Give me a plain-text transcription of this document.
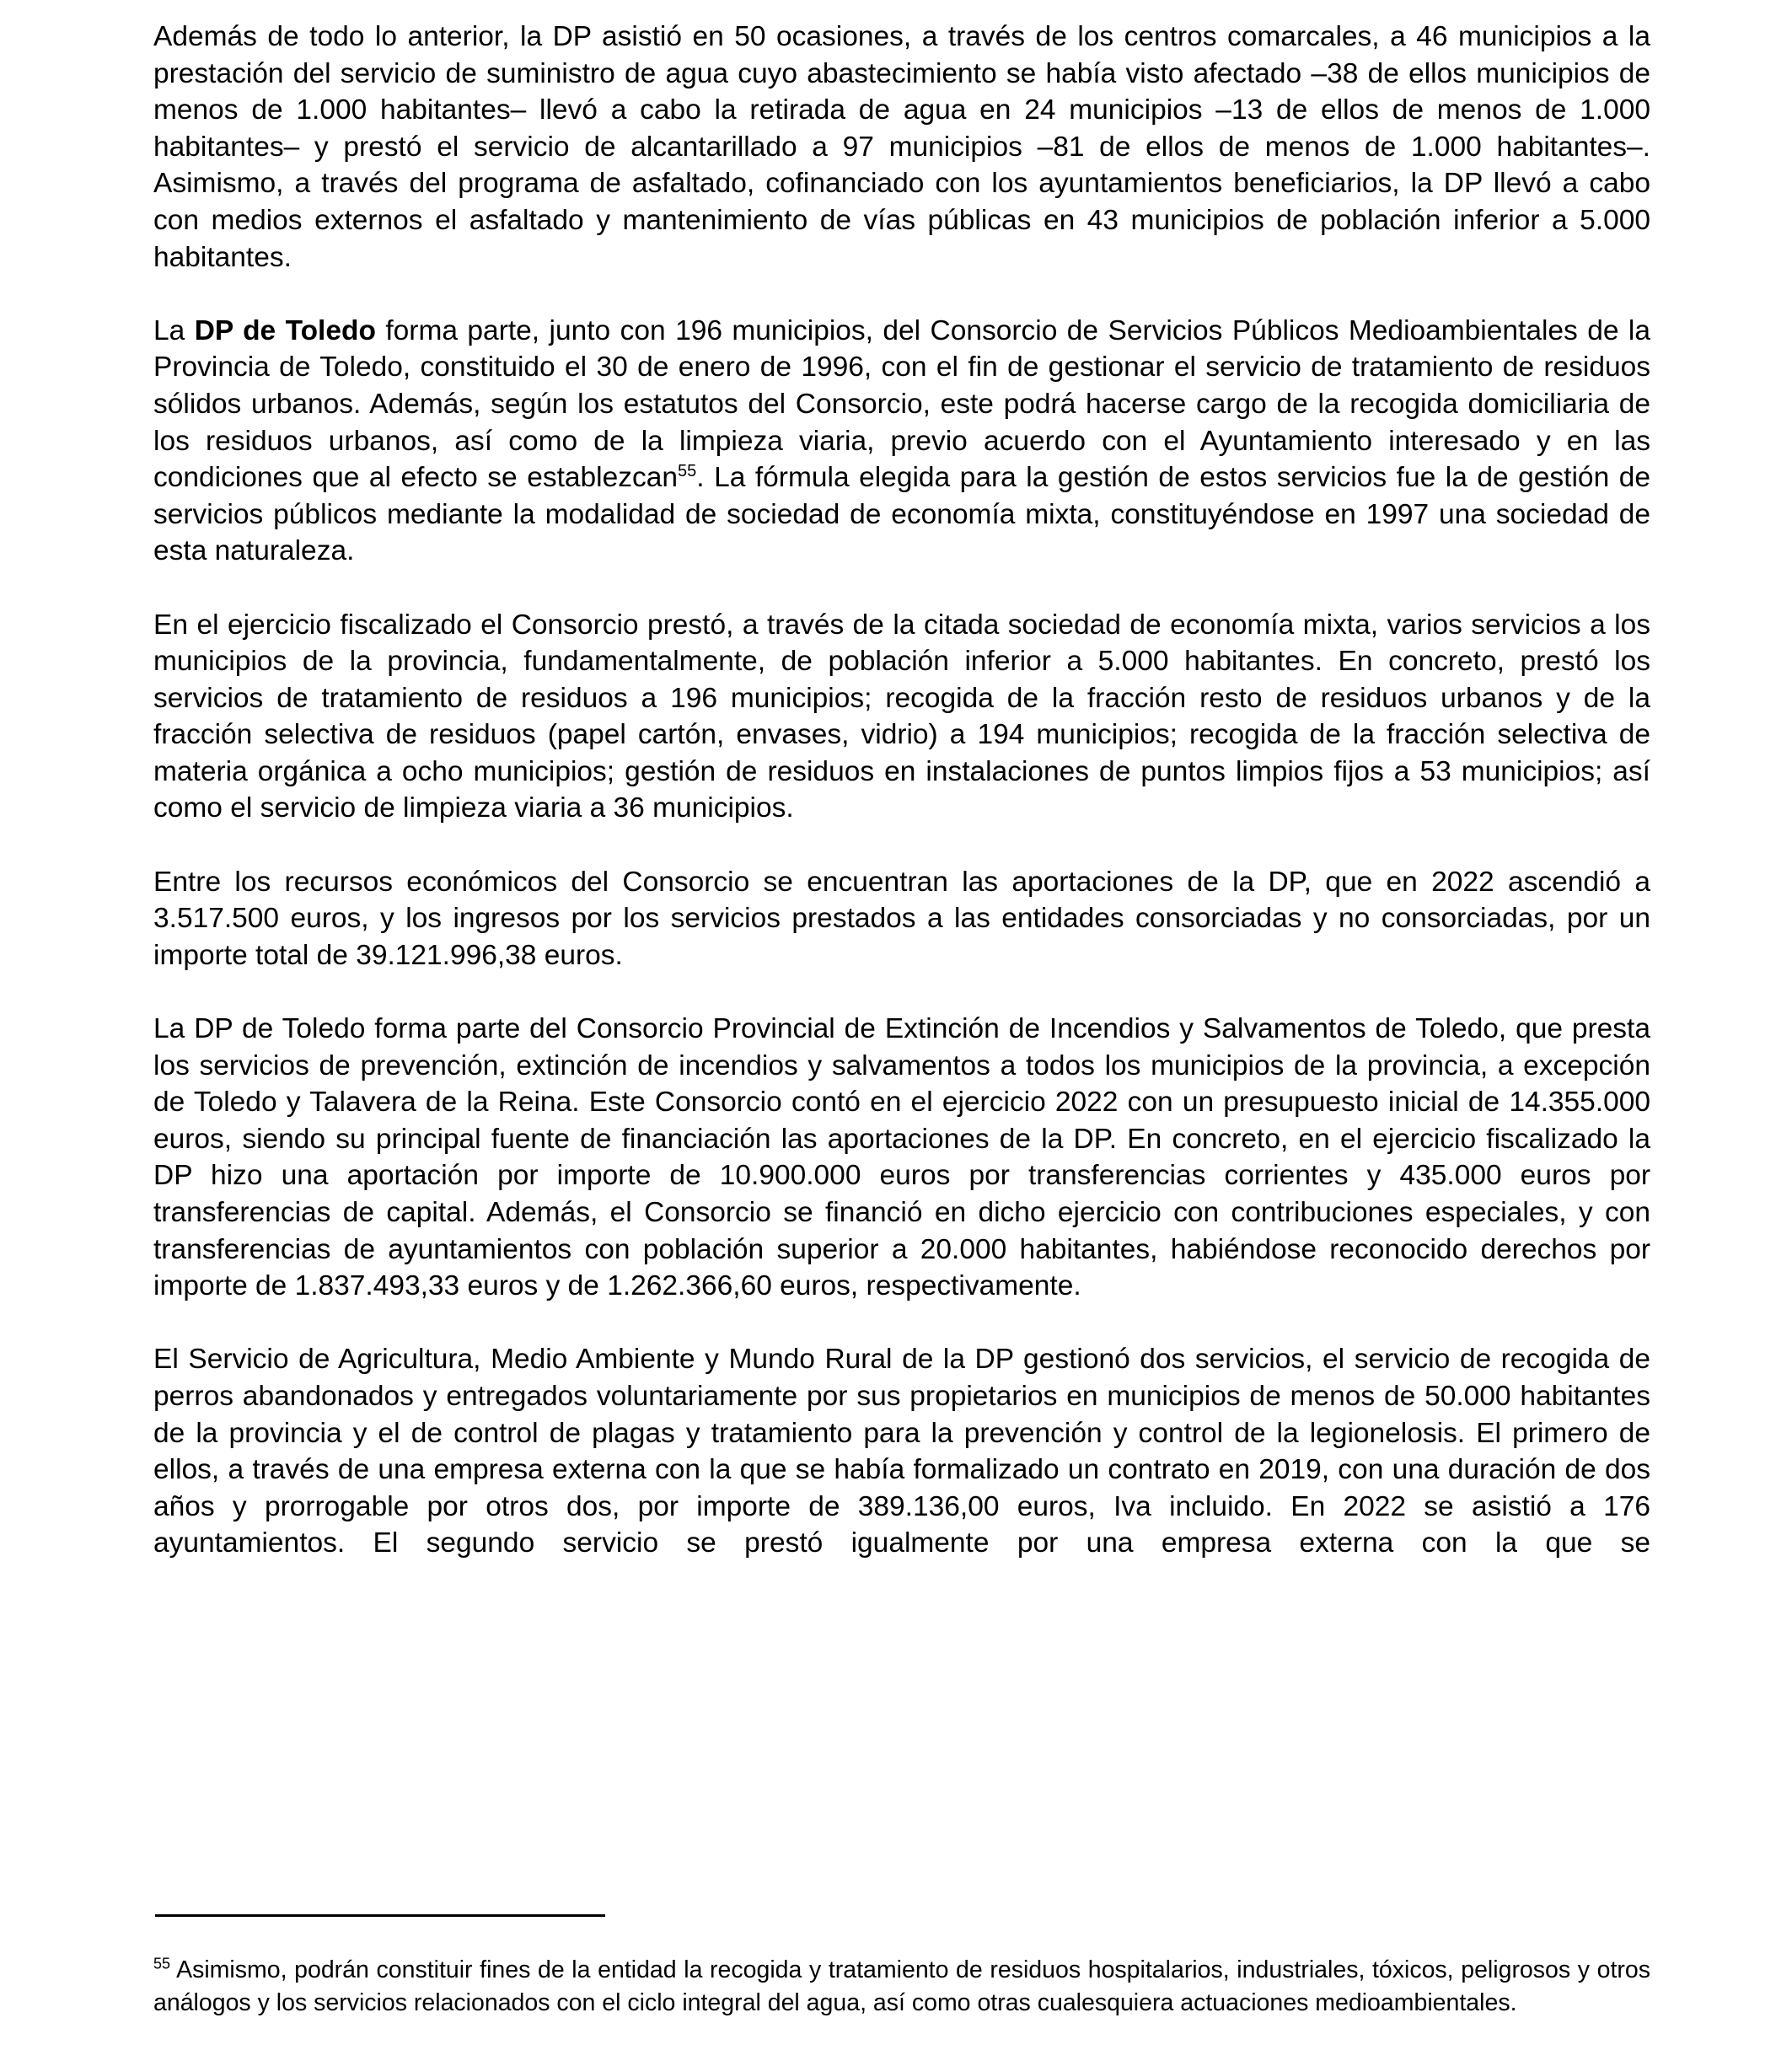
Además de todo lo anterior, la DP asistió en 50 ocasiones, a través de los centros comarcales, a 46 municipios a la prestación del servicio de suministro de agua cuyo abastecimiento se había visto afectado –38 de ellos municipios de menos de 1.000 habitantes– llevó a cabo la retirada de agua en 24 municipios –13 de ellos de menos de 1.000 habitantes– y prestó el servicio de alcantarillado a 97 municipios –81 de ellos de menos de 1.000 habitantes–. Asimismo, a través del programa de asfaltado, cofinanciado con los ayuntamientos beneficiarios, la DP llevó a cabo con medios externos el asfaltado y mantenimiento de vías públicas en 43 municipios de población inferior a 5.000 habitantes.

La DP de Toledo forma parte, junto con 196 municipios, del Consorcio de Servicios Públicos Medioambientales de la Provincia de Toledo, constituido el 30 de enero de 1996, con el fin de gestionar el servicio de tratamiento de residuos sólidos urbanos. Además, según los estatutos del Consorcio, este podrá hacerse cargo de la recogida domiciliaria de los residuos urbanos, así como de la limpieza viaria, previo acuerdo con el Ayuntamiento interesado y en las condiciones que al efecto se establezcan$^{55}$. La fórmula elegida para la gestión de estos servicios fue la de gestión de servicios públicos mediante la modalidad de sociedad de economía mixta, constituyéndose en 1997 una sociedad de esta naturaleza.

En el ejercicio fiscalizado el Consorcio prestó, a través de la citada sociedad de economía mixta, varios servicios a los municipios de la provincia, fundamentalmente, de población inferior a 5.000 habitantes. En concreto, prestó los servicios de tratamiento de residuos a 196 municipios; recogida de la fracción resto de residuos urbanos y de la fracción selectiva de residuos (papel cartón, envases, vidrio) a 194 municipios; recogida de la fracción selectiva de materia orgánica a ocho municipios; gestión de residuos en instalaciones de puntos limpios fijos a 53 municipios; así como el servicio de limpieza viaria a 36 municipios.

Entre los recursos económicos del Consorcio se encuentran las aportaciones de la DP, que en 2022 ascendió a 3.517.500 euros, y los ingresos por los servicios prestados a las entidades consorciadas y no consorciadas, por un importe total de 39.121.996,38 euros.

La DP de Toledo forma parte del Consorcio Provincial de Extinción de Incendios y Salvamentos de Toledo, que presta los servicios de prevención, extinción de incendios y salvamentos a todos los municipios de la provincia, a excepción de Toledo y Talavera de la Reina. Este Consorcio contó en el ejercicio 2022 con un presupuesto inicial de 14.355.000 euros, siendo su principal fuente de financiación las aportaciones de la DP. En concreto, en el ejercicio fiscalizado la DP hizo una aportación por importe de 10.900.000 euros por transferencias corrientes y 435.000 euros por transferencias de capital. Además, el Consorcio se financió en dicho ejercicio con contribuciones especiales, y con transferencias de ayuntamientos con población superior a 20.000 habitantes, habiéndose reconocido derechos por importe de 1.837.493,33 euros y de 1.262.366,60 euros, respectivamente.

El Servicio de Agricultura, Medio Ambiente y Mundo Rural de la DP gestionó dos servicios, el servicio de recogida de perros abandonados y entregados voluntariamente por sus propietarios en municipios de menos de 50.000 habitantes de la provincia y el de control de plagas y tratamiento para la prevención y control de la legionelosis. El primero de ellos, a través de una empresa externa con la que se había formalizado un contrato en 2019, con una duración de dos años y prorrogable por otros dos, por importe de 389.136,00 euros, Iva incluido. En 2022 se asistió a 176 ayuntamientos. El segundo servicio se prestó igualmente por una empresa externa con la que se

$^{55}$ Asimismo, podrán constituir fines de la entidad la recogida y tratamiento de residuos hospitalarios, industriales, tóxicos, peligrosos y otros análogos y los servicios relacionados con el ciclo integral del agua, así como otras cualesquiera actuaciones medioambientales.
